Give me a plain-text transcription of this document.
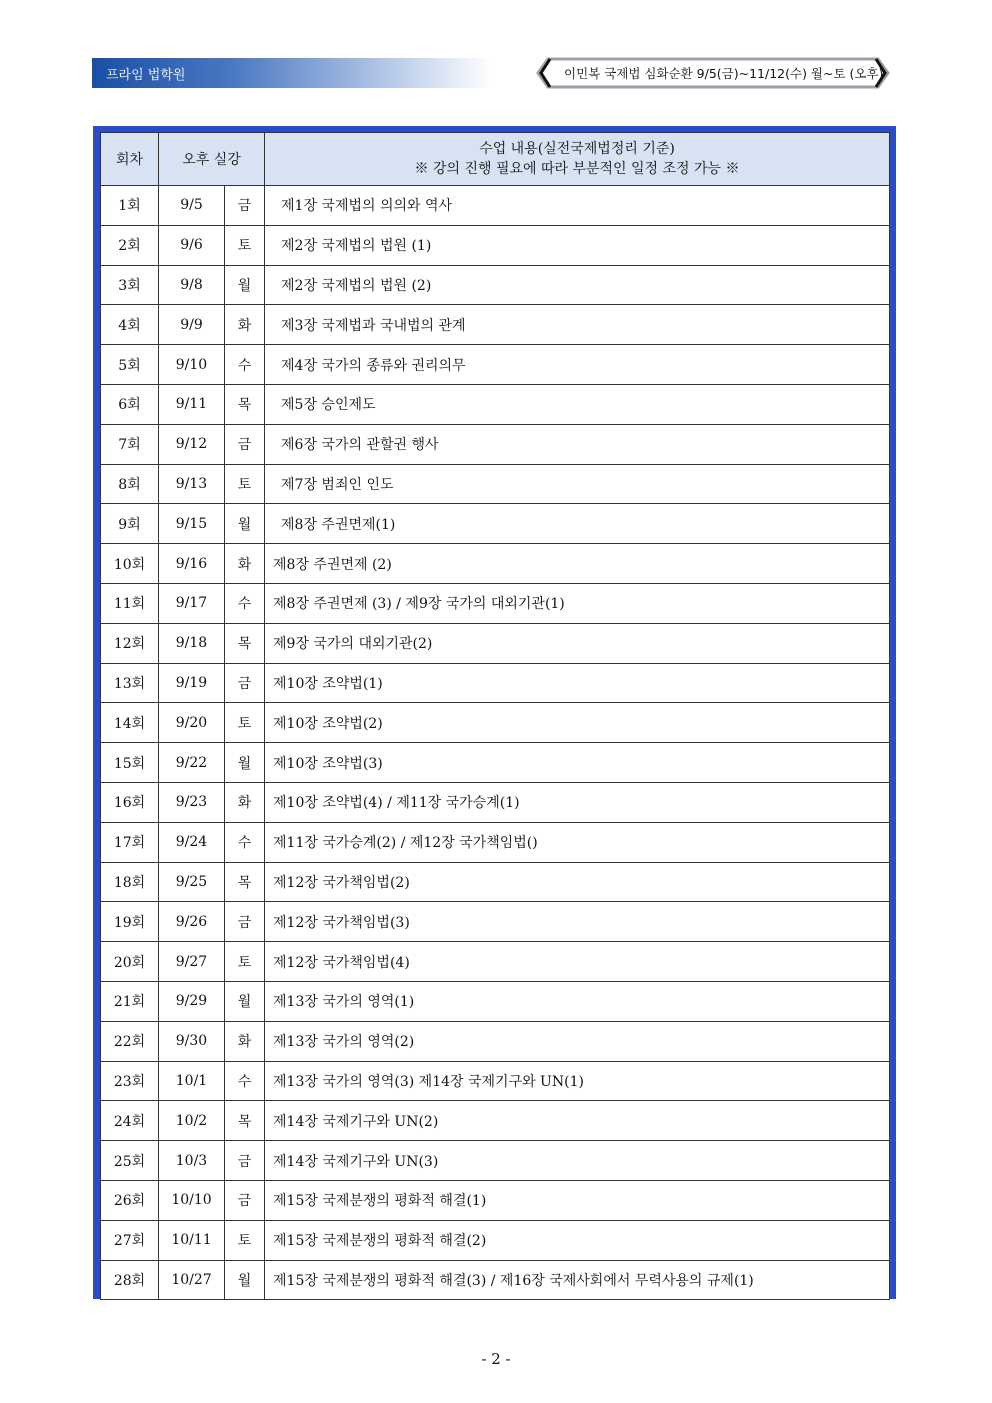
프라임 법학원	이민복 국제법 심화순환 9/5(금)~11/12(수) 월~토 (오후)
회차	오후 실강		수업 내용(실전국제법정리 기준)
※ 강의 진행 필요에 따라 부분적인 일정 조정 가능 ※

1회	9/5	금	제1장 국제법의 의의와 역사
2회	9/6	토	제2장 국제법의 법원 (1)
3회	9/8	월	제2장 국제법의 법원 (2)
4회	9/9	화	제3장 국제법과 국내법의 관계
5회	9/10	수	제4장 국가의 종류와 권리의무
6회	9/11	목	제5장 승인제도
7회	9/12	금	제6장 국가의 관할권 행사
8회	9/13	토	제7장 범죄인 인도
9회	9/15	월	제8장 주권면제(1)
10회	9/16	화	제8장 주권면제 (2)
11회	9/17	수	제8장 주권면제 (3) / 제9장 국가의 대외기관(1)
12회	9/18	목	제9장 국가의 대외기관(2)
13회	9/19	금	제10장 조약법(1)
14회	9/20	토	제10장 조약법(2)
15회	9/22	월	제10장 조약법(3)
16회	9/23	화	제10장 조약법(4) / 제11장 국가승계(1)
17회	9/24	수	제11장 국가승계(2) / 제12장 국가책임법()
18회	9/25	목	제12장 국가책임법(2)
19회	9/26	금	제12장 국가책임법(3)
20회	9/27	토	제12장 국가책임법(4)
21회	9/29	월	제13장 국가의 영역(1)
22회	9/30	화	제13장 국가의 영역(2)
23회	10/1	수	제13장 국가의 영역(3) 제14장 국제기구와 UN(1)
24회	10/2	목	제14장 국제기구와 UN(2)
25회	10/3	금	제14장 국제기구와 UN(3)
26회	10/10	금	제15장 국제분쟁의 평화적 해결(1)
27회	10/11	토	제15장 국제분쟁의 평화적 해결(2)
28회	10/27	월	제15장 국제분쟁의 평화적 해결(3) / 제16장 국제사회에서 무력사용의 규제(1)
- 2 -
